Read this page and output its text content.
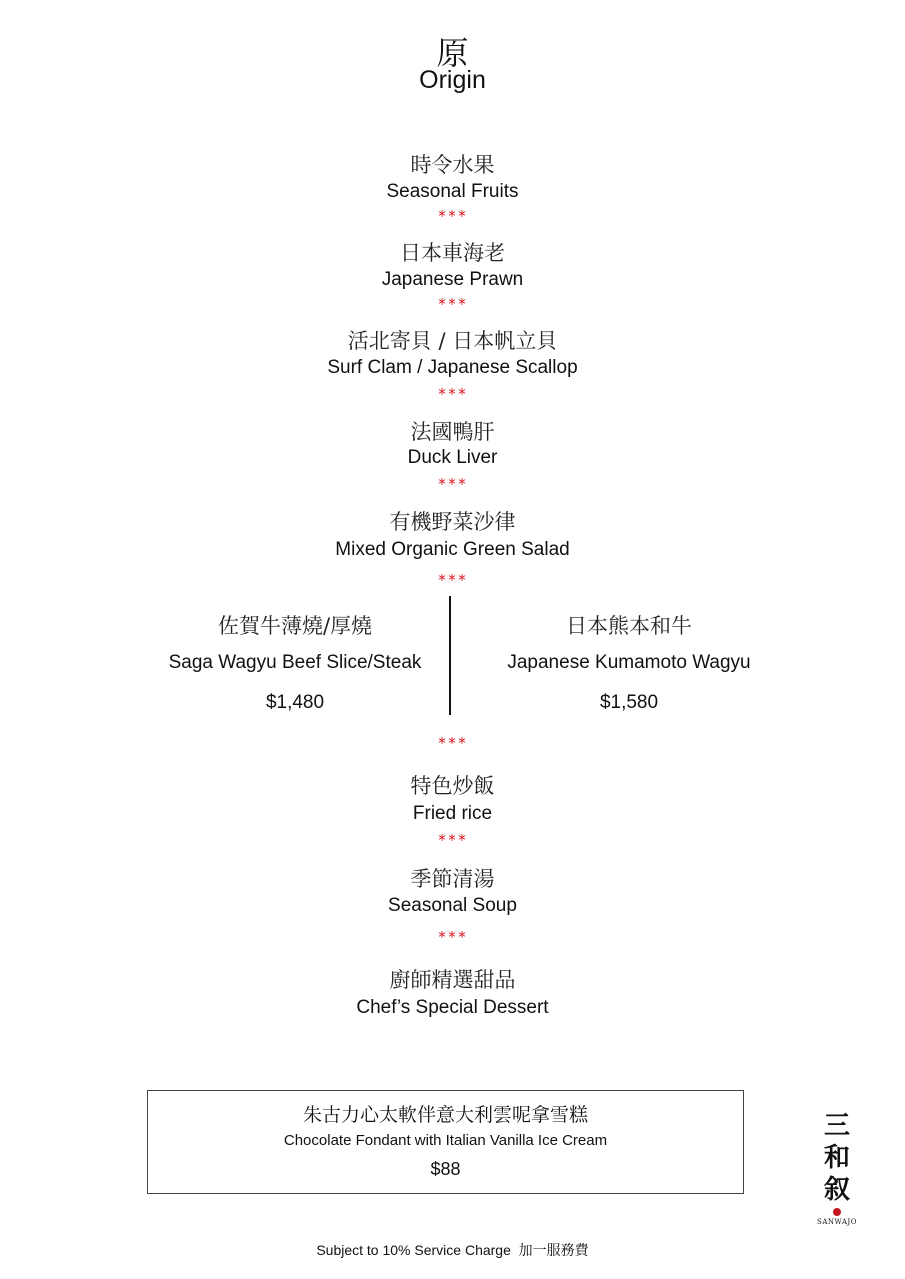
原
Origin
時令水果
Seasonal Fruits
***
日本車海老
Japanese Prawn
***
活北寄貝 / 日本帆立貝
Surf Clam / Japanese Scallop
***
法國鴨肝
Duck Liver
***
有機野菜沙律
Mixed Organic Green Salad
***
佐賀牛薄燒/厚燒
Saga Wagyu Beef Slice/Steak
$1,480
日本熊本和牛
Japanese Kumamoto Wagyu
$1,580
***
特色炒飯
Fried rice
***
季節清湯
Seasonal Soup
***
廚師精選甜品
Chef’s Special Dessert
朱古力心太軟伴意大利雲呢拿雪糕
Chocolate Fondant with Italian Vanilla Ice Cream
$88
三
和
叙
SANWAJO
Subject to 10% Service Charge  加一服務費
